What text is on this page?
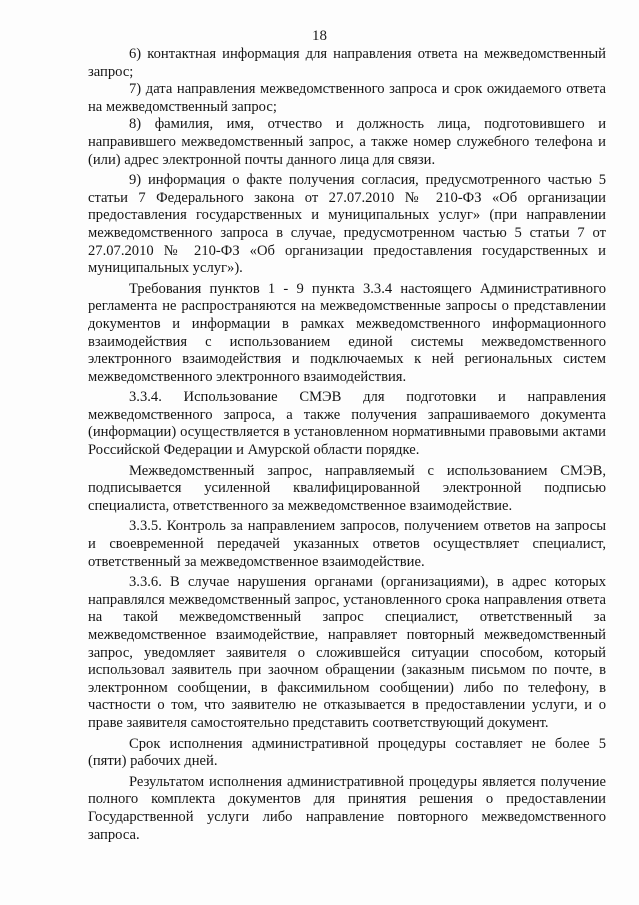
18

6) контактная информация для направления ответа на межведомственный запрос;

7) дата направления межведомственного запроса и срок ожидаемого ответа на межведомственный запрос;

8) фамилия, имя, отчество и должность лица, подготовившего и направившего межведомственный запрос, а также номер служебного телефона и (или) адрес электронной почты данного лица для связи.

9) информация о факте получения согласия, предусмотренного частью 5 статьи 7 Федерального закона от 27.07.2010 № 210-ФЗ «Об организации предоставления государственных и муниципальных услуг» (при направлении межведомственного запроса в случае, предусмотренном частью 5 статьи 7 от 27.07.2010 № 210-ФЗ «Об организации предоставления государственных и муниципальных услуг»).

Требования пунктов 1 - 9 пункта 3.3.4 настоящего Административного регламента не распространяются на межведомственные запросы о представлении документов и информации в рамках межведомственного информационного взаимодействия с использованием единой системы межведомственного электронного взаимодействия и подключаемых к ней региональных систем межведомственного электронного взаимодействия.

3.3.4. Использование СМЭВ для подготовки и направления межведомственного запроса, а также получения запрашиваемого документа (информации) осуществляется в установленном нормативными правовыми актами Российской Федерации и Амурской области порядке.

Межведомственный запрос, направляемый с использованием СМЭВ, подписывается усиленной квалифицированной электронной подписью специалиста, ответственного за межведомственное взаимодействие.

3.3.5. Контроль за направлением запросов, получением ответов на запросы и своевременной передачей указанных ответов осуществляет специалист, ответственный за межведомственное взаимодействие.

3.3.6. В случае нарушения органами (организациями), в адрес которых направлялся межведомственный запрос, установленного срока направления ответа на такой межведомственный запрос специалист, ответственный за межведомственное взаимодействие, направляет повторный межведомственный запрос, уведомляет заявителя о сложившейся ситуации способом, который использовал заявитель при заочном обращении (заказным письмом по почте, в электронном сообщении, в факсимильном сообщении) либо по телефону, в частности о том, что заявителю не отказывается в предоставлении услуги, и о праве заявителя самостоятельно представить соответствующий документ.

Срок исполнения административной процедуры составляет не более 5 (пяти) рабочих дней.

Результатом исполнения административной процедуры является получение полного комплекта документов для принятия решения о предоставлении Государственной услуги либо направление повторного межведомственного запроса.
